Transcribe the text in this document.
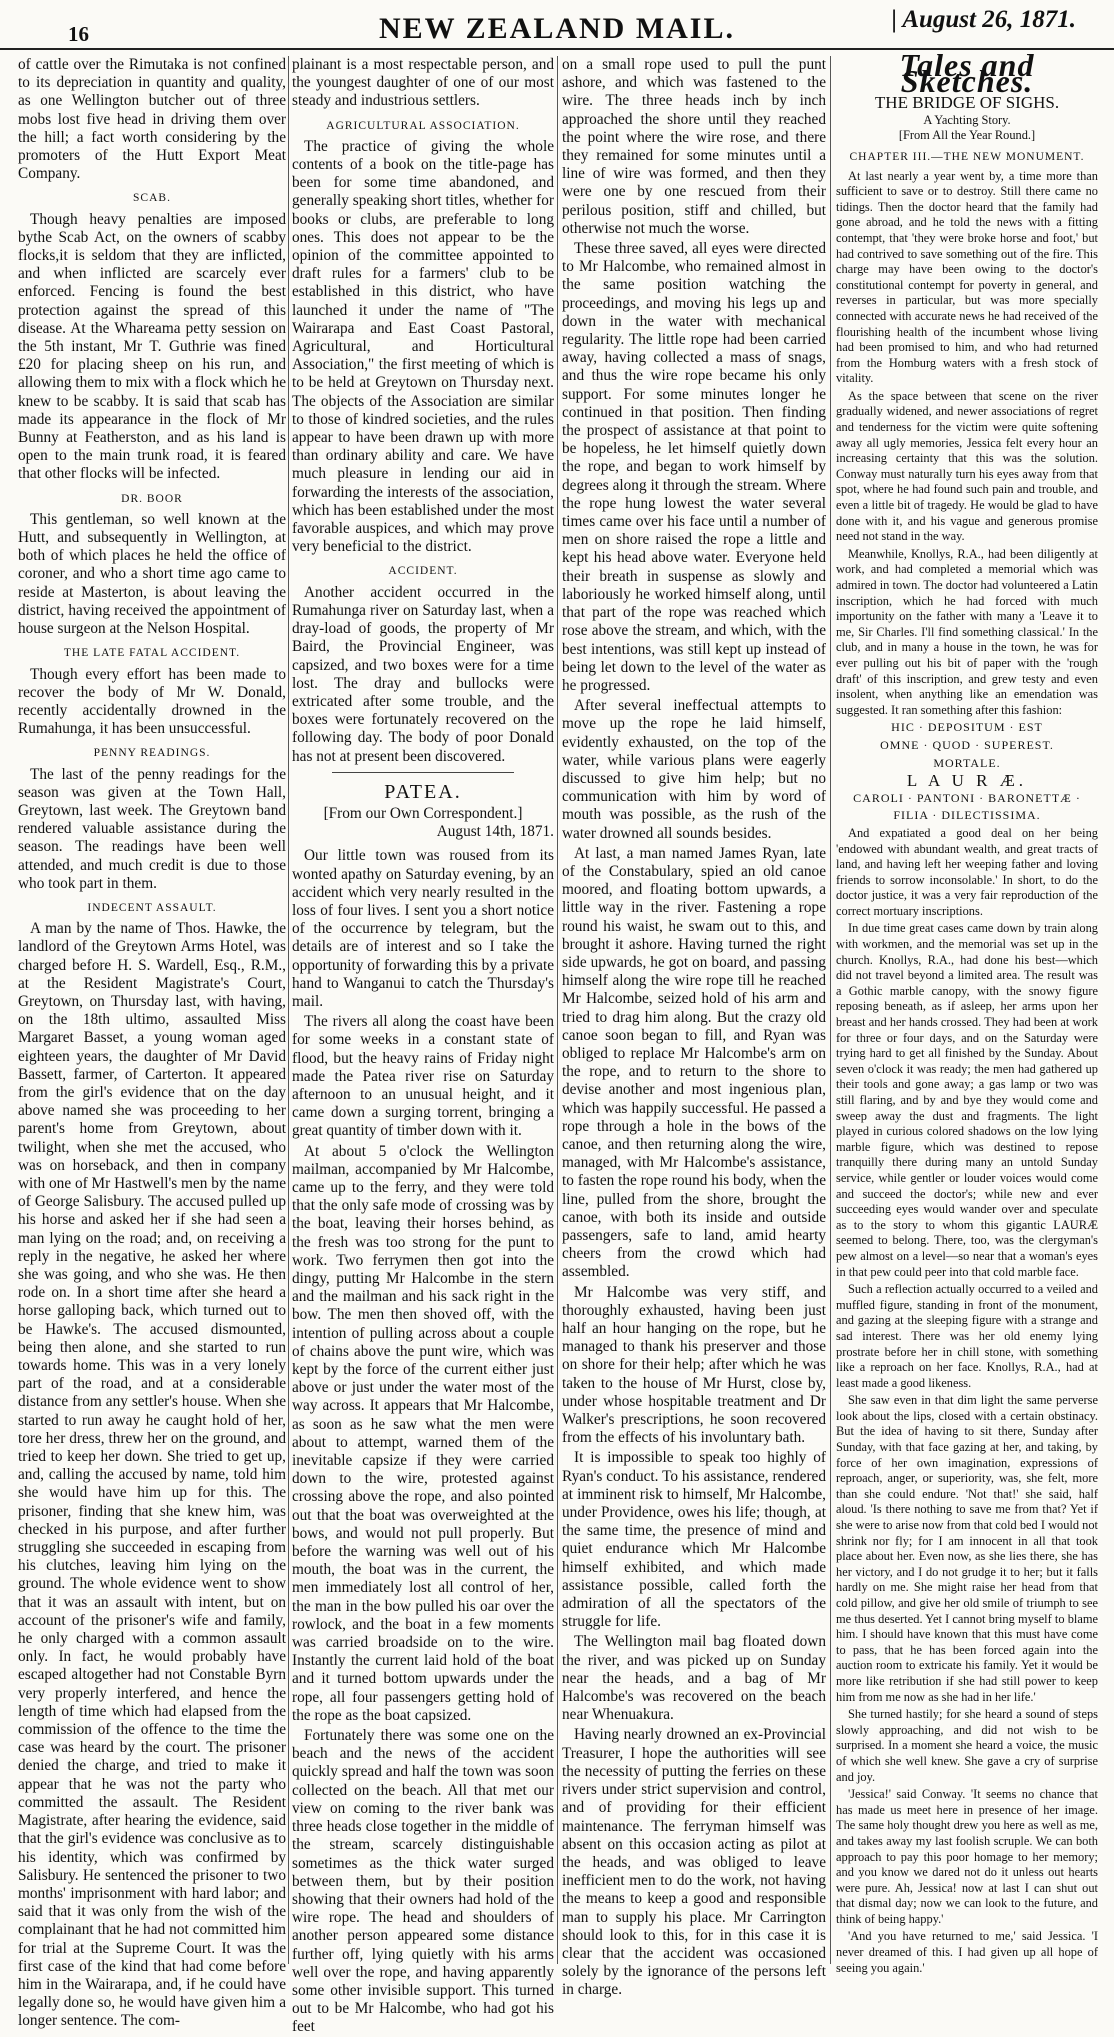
16	NEW ZEALAND MAIL.	| August 26, 1871.

of cattle over the Rimutaka is not confined to its depreciation in quantity and quality, as one Wellington butcher out of three mobs lost five head in driving them over the hill; a fact worth considering by the promoters of the Hutt Export Meat Company.

SCAB.

Though heavy penalties are imposed bythe Scab Act, on the owners of scabby flocks,it is seldom that they are inflicted, and when inflicted are scarcely ever enforced. Fencing is found the best protection against the spread of this disease. At the Whareama petty session on the 5th instant, Mr T. Guthrie was fined £20 for placing sheep on his run, and allowing them to mix with a flock which he knew to be scabby. It is said that scab has made its appearance in the flock of Mr Bunny at Featherston, and as his land is open to the main trunk road, it is feared that other flocks will be infected.

DR. BOOR

This gentleman, so well known at the Hutt, and subsequently in Wellington, at both of which places he held the office of coroner, and who a short time ago came to reside at Masterton, is about leaving the district, having received the appointment of house surgeon at the Nelson Hospital.

THE LATE FATAL ACCIDENT.

Though every effort has been made to recover the body of Mr W. Donald, recently accidentally drowned in the Rumahunga, it has been unsuccessful.

PENNY READINGS.

The last of the penny readings for the season was given at the Town Hall, Greytown, last week. The Greytown band rendered valuable assistance during the season. The readings have been well attended, and much credit is due to those who took part in them.

INDECENT ASSAULT.

A man by the name of Thos. Hawke, the landlord of the Greytown Arms Hotel, was charged before H. S. Wardell, Esq., R.M., at the Resident Magistrate's Court, Greytown, on Thursday last, with having, on the 18th ultimo, assaulted Miss Margaret Basset, a young woman aged eighteen years, the daughter of Mr David Bassett, farmer, of Carterton. It appeared from the girl's evidence that on the day above named she was proceeding to her parent's home from Greytown, about twilight, when she met the accused, who was on horseback, and then in company with one of Mr Hastwell's men by the name of George Salisbury. The accused pulled up his horse and asked her if she had seen a man lying on the road; and, on receiving a reply in the negative, he asked her where she was going, and who she was. He then rode on. In a short time after she heard a horse galloping back, which turned out to be Hawke's. The accused dismounted, being then alone, and she started to run towards home. This was in a very lonely part of the road, and at a considerable distance from any settler's house. When she started to run away he caught hold of her, tore her dress, threw her on the ground, and tried to keep her down. She tried to get up, and, calling the accused by name, told him she would have him up for this. The prisoner, finding that she knew him, was checked in his purpose, and after further struggling she succeeded in escaping from his clutches, leaving him lying on the ground. The whole evidence went to show that it was an assault with intent, but on account of the prisoner's wife and family, he only charged with a common assault only. In fact, he would probably have escaped altogether had not Constable Byrn very properly interfered, and hence the length of time which had elapsed from the commission of the offence to the time the case was heard by the court. The prisoner denied the charge, and tried to make it appear that he was not the party who committed the assault. The Resident Magistrate, after hearing the evidence, said that the girl's evidence was conclusive as to his identity, which was confirmed by Salisbury. He sentenced the prisoner to two months' imprisonment with hard labor; and said that it was only from the wish of the complainant that he had not committed him for trial at the Supreme Court. It was the first case of the kind that had come before him in the Wairarapa, and, if he could have legally done so, he would have given him a longer sentence. The com-

plainant is a most respectable person, and the youngest daughter of one of our most steady and industrious settlers.

AGRICULTURAL ASSOCIATION.

The practice of giving the whole contents of a book on the title-page has been for some time abandoned, and generally speaking short titles, whether for books or clubs, are preferable to long ones. This does not appear to be the opinion of the committee appointed to draft rules for a farmers' club to be established in this district, who have launched it under the name of "The Wairarapa and East Coast Pastoral, Agricultural, and Horticultural Association," the first meeting of which is to be held at Greytown on Thursday next. The objects of the Association are similar to those of kindred societies, and the rules appear to have been drawn up with more than ordinary ability and care. We have much pleasure in lending our aid in forwarding the interests of the association, which has been established under the most favorable auspices, and which may prove very beneficial to the district.

ACCIDENT.

Another accident occurred in the Rumahunga river on Saturday last, when a dray-load of goods, the property of Mr Baird, the Provincial Engineer, was capsized, and two boxes were for a time lost. The dray and bullocks were extricated after some trouble, and the boxes were fortunately recovered on the following day. The body of poor Donald has not at present been discovered.

PATEA.

[From our Own Correspondent.]

August 14th, 1871.

Our little town was roused from its wonted apathy on Saturday evening, by an accident which very nearly resulted in the loss of four lives. I sent you a short notice of the occurrence by telegram, but the details are of interest and so I take the opportunity of forwarding this by a private hand to Wanganui to catch the Thursday's mail.

The rivers all along the coast have been for some weeks in a constant state of flood, but the heavy rains of Friday night made the Patea river rise on Saturday afternoon to an unusual height, and it came down a surging torrent, bringing a great quantity of timber down with it.

At about 5 o'clock the Wellington mailman, accompanied by Mr Halcombe, came up to the ferry, and they were told that the only safe mode of crossing was by the boat, leaving their horses behind, as the fresh was too strong for the punt to work. Two ferrymen then got into the dingy, putting Mr Halcombe in the stern and the mailman and his sack right in the bow. The men then shoved off, with the intention of pulling across about a couple of chains above the punt wire, which was kept by the force of the current either just above or just under the water most of the way across. It appears that Mr Halcombe, as soon as he saw what the men were about to attempt, warned them of the inevitable capsize if they were carried down to the wire, protested against crossing above the rope, and also pointed out that the boat was overweighted at the bows, and would not pull properly. But before the warning was well out of his mouth, the boat was in the current, the men immediately lost all control of her, the man in the bow pulled his oar over the rowlock, and the boat in a few moments was carried broadside on to the wire. Instantly the current laid hold of the boat and it turned bottom upwards under the rope, all four passengers getting hold of the rope as the boat capsized.

Fortunately there was some one on the beach and the news of the accident quickly spread and half the town was soon collected on the beach. All that met our view on coming to the river bank was three heads close together in the middle of the stream, scarcely distinguishable sometimes as the thick water surged between them, but by their position showing that their owners had hold of the wire rope. The head and shoulders of another person appeared some distance further off, lying quietly with his arms well over the rope, and having apparently some other invisible support. This turned out to be Mr Halcombe, who had got his feet

on a small rope used to pull the punt ashore, and which was fastened to the wire. The three heads inch by inch approached the shore until they reached the point where the wire rose, and there they remained for some minutes until a line of wire was formed, and then they were one by one rescued from their perilous position, stiff and chilled, but otherwise not much the worse.

These three saved, all eyes were directed to Mr Halcombe, who remained almost in the same position watching the proceedings, and moving his legs up and down in the water with mechanical regularity. The little rope had been carried away, having collected a mass of snags, and thus the wire rope became his only support. For some minutes longer he continued in that position. Then finding the prospect of assistance at that point to be hopeless, he let himself quietly down the rope, and began to work himself by degrees along it through the stream. Where the rope hung lowest the water several times came over his face until a number of men on shore raised the rope a little and kept his head above water. Everyone held their breath in suspense as slowly and laboriously he worked himself along, until that part of the rope was reached which rose above the stream, and which, with the best intentions, was still kept up instead of being let down to the level of the water as he progressed.

After several ineffectual attempts to move up the rope he laid himself, evidently exhausted, on the top of the water, while various plans were eagerly discussed to give him help; but no communication with him by word of mouth was possible, as the rush of the water drowned all sounds besides.

At last, a man named James Ryan, late of the Constabulary, spied an old canoe moored, and floating bottom upwards, a little way in the river. Fastening a rope round his waist, he swam out to this, and brought it ashore. Having turned the right side upwards, he got on board, and passing himself along the wire rope till he reached Mr Halcombe, seized hold of his arm and tried to drag him along. But the crazy old canoe soon began to fill, and Ryan was obliged to replace Mr Halcombe's arm on the rope, and to return to the shore to devise another and most ingenious plan, which was happily successful. He passed a rope through a hole in the bows of the canoe, and then returning along the wire, managed, with Mr Halcombe's assistance, to fasten the rope round his body, when the line, pulled from the shore, brought the canoe, with both its inside and outside passengers, safe to land, amid hearty cheers from the crowd which had assembled.

Mr Halcombe was very stiff, and thoroughly exhausted, having been just half an hour hanging on the rope, but he managed to thank his preserver and those on shore for their help; after which he was taken to the house of Mr Hurst, close by, under whose hospitable treatment and Dr Walker's prescriptions, he soon recovered from the effects of his involuntary bath.

It is impossible to speak too highly of Ryan's conduct. To his assistance, rendered at imminent risk to himself, Mr Halcombe, under Providence, owes his life; though, at the same time, the presence of mind and quiet endurance which Mr Halcombe himself exhibited, and which made assistance possible, called forth the admiration of all the spectators of the struggle for life.

The Wellington mail bag floated down the river, and was picked up on Sunday near the heads, and a bag of Mr Halcombe's was recovered on the beach near Whenuakura.

Having nearly drowned an ex-Provincial Treasurer, I hope the authorities will see the necessity of putting the ferries on these rivers under strict supervision and control, and of providing for their efficient maintenance. The ferryman himself was absent on this occasion acting as pilot at the heads, and was obliged to leave inefficient men to do the work, not having the means to keep a good and responsible man to supply his place. Mr Carrington should look to this, for in this case it is clear that the accident was occasioned solely by the ignorance of the persons left in charge.

Tales and Sketches.
THE BRIDGE OF SIGHS.

A Yachting Story.

[From All the Year Round.]

CHAPTER III.—THE NEW MONUMENT.

At last nearly a year went by, a time more than sufficient to save or to destroy. Still there came no tidings. Then the doctor heard that the family had gone abroad, and he told the news with a fitting contempt, that 'they were broke horse and foot,' but had contrived to save something out of the fire. This charge may have been owing to the doctor's constitutional contempt for poverty in general, and reverses in particular, but was more specially connected with accurate news he had received of the flourishing health of the incumbent whose living had been promised to him, and who had returned from the Homburg waters with a fresh stock of vitality.

As the space between that scene on the river gradually widened, and newer associations of regret and tenderness for the victim were quite softening away all ugly memories, Jessica felt every hour an increasing certainty that this was the solution. Conway must naturally turn his eyes away from that spot, where he had found such pain and trouble, and even a little bit of tragedy. He would be glad to have done with it, and his vague and generous promise need not stand in the way.

Meanwhile, Knollys, R.A., had been diligently at work, and had completed a memorial which was admired in town. The doctor had volunteered a Latin inscription, which he had forced with much importunity on the father with many a 'Leave it to me, Sir Charles. I'll find something classical.' In the club, and in many a house in the town, he was for ever pulling out his bit of paper with the 'rough draft' of this inscription, and grew testy and even insolent, when anything like an emendation was suggested. It ran something after this fashion:

HIC · DEPOSITUM · EST

OMNE · QUOD · SUPEREST.

MORTALE.

L A U R Æ.

CAROLI · PANTONI · BARONETTÆ ·

FILIA · DILECTISSIMA.

And expatiated a good deal on her being 'endowed with abundant wealth, and great tracts of land, and having left her weeping father and loving friends to sorrow inconsolable.' In short, to do the doctor justice, it was a very fair reproduction of the correct mortuary inscriptions.

In due time great cases came down by train along with workmen, and the memorial was set up in the church. Knollys, R.A., had done his best—which did not travel beyond a limited area. The result was a Gothic marble canopy, with the snowy figure reposing beneath, as if asleep, her arms upon her breast and her hands crossed. They had been at work for three or four days, and on the Saturday were trying hard to get all finished by the Sunday. About seven o'clock it was ready; the men had gathered up their tools and gone away; a gas lamp or two was still flaring, and by and bye they would come and sweep away the dust and fragments. The light played in curious colored shadows on the low lying marble figure, which was destined to repose tranquilly there during many an untold Sunday service, while gentler or louder voices would come and succeed the doctor's; while new and ever succeeding eyes would wander over and speculate as to the story to whom this gigantic LAURÆ seemed to belong. There, too, was the clergyman's pew almost on a level—so near that a woman's eyes in that pew could peer into that cold marble face.

Such a reflection actually occurred to a veiled and muffled figure, standing in front of the monument, and gazing at the sleeping figure with a strange and sad interest. There was her old enemy lying prostrate before her in chill stone, with something like a reproach on her face. Knollys, R.A., had at least made a good likeness.

She saw even in that dim light the same perverse look about the lips, closed with a certain obstinacy. But the idea of having to sit there, Sunday after Sunday, with that face gazing at her, and taking, by force of her own imagination, expressions of reproach, anger, or superiority, was, she felt, more than she could endure. 'Not that!' she said, half aloud. 'Is there nothing to save me from that? Yet if she were to arise now from that cold bed I would not shrink nor fly; for I am innocent in all that took place about her. Even now, as she lies there, she has her victory, and I do not grudge it to her; but it falls hardly on me. She might raise her head from that cold pillow, and give her old smile of triumph to see me thus deserted. Yet I cannot bring myself to blame him. I should have known that this must have come to pass, that he has been forced again into the auction room to extricate his family. Yet it would be more like retribution if she had still power to keep him from me now as she had in her life.'

She turned hastily; for she heard a sound of steps slowly approaching, and did not wish to be surprised. In a moment she heard a voice, the music of which she well knew. She gave a cry of surprise and joy.

'Jessica!' said Conway. 'It seems no chance that has made us meet here in presence of her image. The same holy thought drew you here as well as me, and takes away my last foolish scruple. We can both approach to pay this poor homage to her memory; and you know we dared not do it unless out hearts were pure. Ah, Jessica! now at last I can shut out that dismal day; now we can look to the future, and think of being happy.'

'And you have returned to me,' said Jessica. 'I never dreamed of this. I had given up all hope of seeing you again.'
